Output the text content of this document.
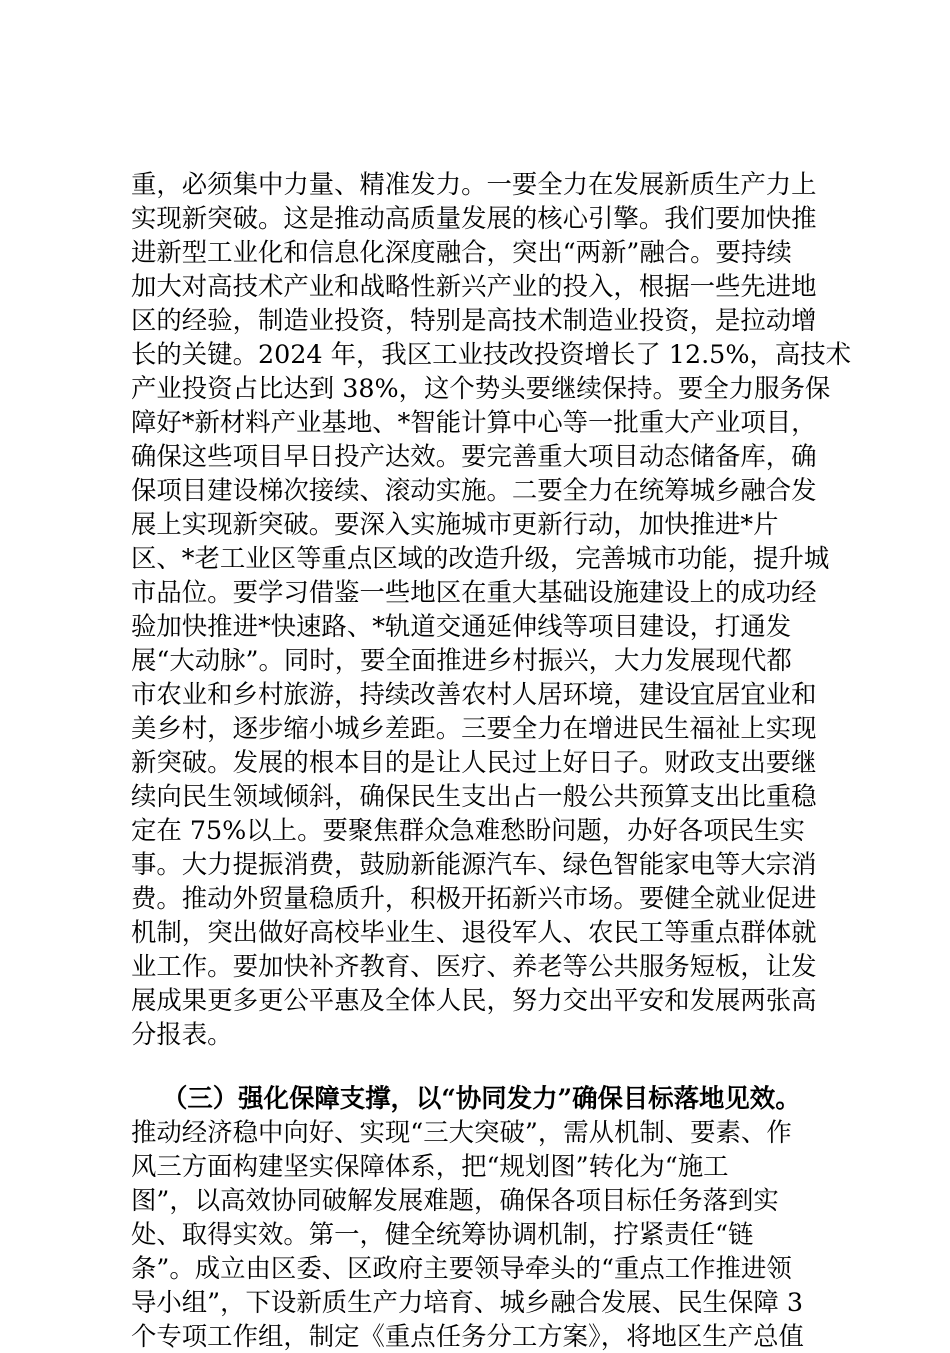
重，必须集中力量、精准发力。一要全力在发展新质生产力上
实现新突破。这是推动高质量发展的核心引擎。我们要加快推
进新型工业化和信息化深度融合，突出“两新”融合。要持续
加大对高技术产业和战略性新兴产业的投入，根据一些先进地
区的经验，制造业投资，特别是高技术制造业投资，是拉动增
长的关键。2024 年，我区工业技改投资增长了 12.5%，高技术
产业投资占比达到 38%，这个势头要继续保持。要全力服务保
障好*新材料产业基地、*智能计算中心等一批重大产业项目，
确保这些项目早日投产达效。要完善重大项目动态储备库，确
保项目建设梯次接续、滚动实施。二要全力在统筹城乡融合发
展上实现新突破。要深入实施城市更新行动，加快推进*片
区、*老工业区等重点区域的改造升级，完善城市功能，提升城
市品位。要学习借鉴一些地区在重大基础设施建设上的成功经
验加快推进*快速路、*轨道交通延伸线等项目建设，打通发
展“大动脉”。同时，要全面推进乡村振兴，大力发展现代都
市农业和乡村旅游，持续改善农村人居环境，建设宜居宜业和
美乡村，逐步缩小城乡差距。三要全力在增进民生福祉上实现
新突破。发展的根本目的是让人民过上好日子。财政支出要继
续向民生领域倾斜，确保民生支出占一般公共预算支出比重稳
定在 75%以上。要聚焦群众急难愁盼问题，办好各项民生实
事。大力提振消费，鼓励新能源汽车、绿色智能家电等大宗消
费。推动外贸量稳质升，积极开拓新兴市场。要健全就业促进
机制，突出做好高校毕业生、退役军人、农民工等重点群体就
业工作。要加快补齐教育、医疗、养老等公共服务短板，让发
展成果更多更公平惠及全体人民，努力交出平安和发展两张高
分报表。
（三）强化保障支撑，以“协同发力”确保目标落地见效。
推动经济稳中向好、实现“三大突破”，需从机制、要素、作
风三方面构建坚实保障体系，把“规划图”转化为“施工
图”，以高效协同破解发展难题，确保各项目标任务落到实
处、取得实效。第一，健全统筹协调机制，拧紧责任“链
条”。成立由区委、区政府主要领导牵头的“重点工作推进领
导小组”，下设新质生产力培育、城乡融合发展、民生保障 3
个专项工作组，制定《重点任务分工方案》，将地区生产总值
